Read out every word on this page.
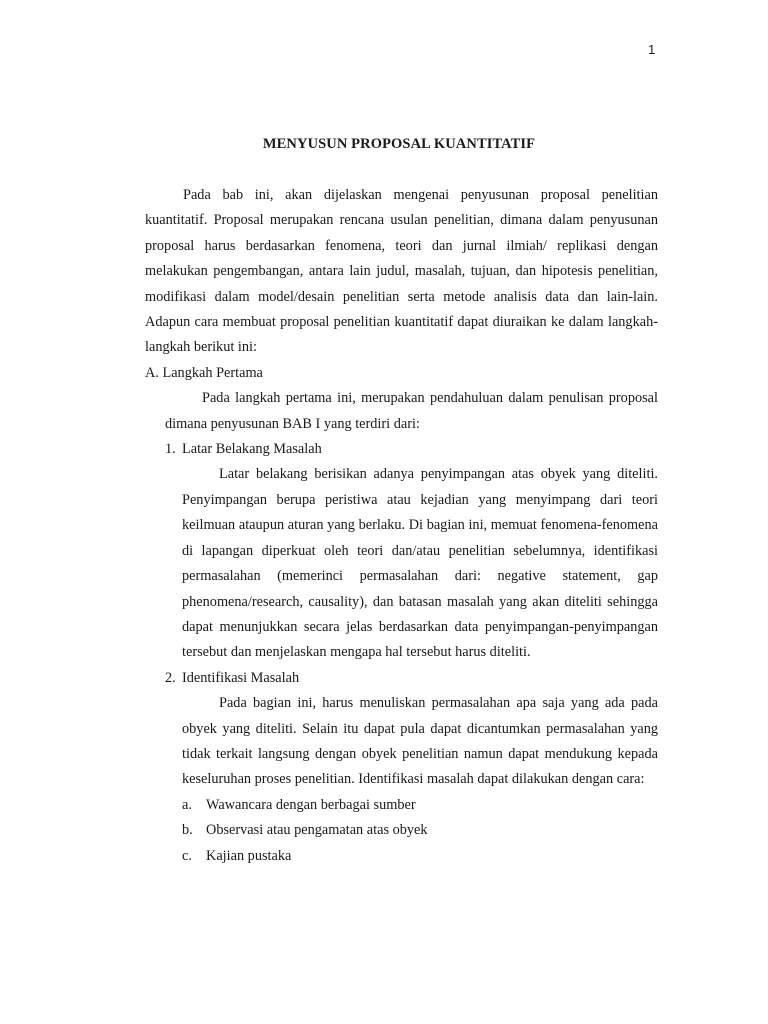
1
MENYUSUN PROPOSAL KUANTITATIF

Pada bab ini, akan dijelaskan mengenai penyusunan proposal penelitian kuantitatif. Proposal merupakan rencana usulan penelitian, dimana dalam penyusunan proposal harus berdasarkan fenomena, teori dan jurnal ilmiah/ replikasi dengan melakukan pengembangan, antara lain judul, masalah, tujuan, dan hipotesis penelitian, modifikasi dalam model/desain penelitian serta metode analisis data dan lain-lain. Adapun cara membuat proposal penelitian kuantitatif dapat diuraikan ke dalam langkah-langkah berikut ini:

A. Langkah Pertama

Pada langkah pertama ini, merupakan pendahuluan dalam penulisan proposal dimana penyusunan BAB I yang terdiri dari:

1. Latar Belakang Masalah

Latar belakang berisikan adanya penyimpangan atas obyek yang diteliti. Penyimpangan berupa peristiwa atau kejadian yang menyimpang dari teori keilmuan ataupun aturan yang berlaku. Di bagian ini, memuat fenomena-fenomena di lapangan diperkuat oleh teori dan/atau penelitian sebelumnya, identifikasi permasalahan (memerinci permasalahan dari: negative statement, gap phenomena/research, causality), dan batasan masalah yang akan diteliti sehingga dapat menunjukkan secara jelas berdasarkan data penyimpangan-penyimpangan tersebut dan menjelaskan mengapa hal tersebut harus diteliti.

2. Identifikasi Masalah

Pada bagian ini, harus menuliskan permasalahan apa saja yang ada pada obyek yang diteliti. Selain itu dapat pula dapat dicantumkan permasalahan yang tidak terkait langsung dengan obyek penelitian namun dapat mendukung kepada keseluruhan proses penelitian. Identifikasi masalah dapat dilakukan dengan cara:

a. Wawancara dengan berbagai sumber
b. Observasi atau pengamatan atas obyek
c. Kajian pustaka
